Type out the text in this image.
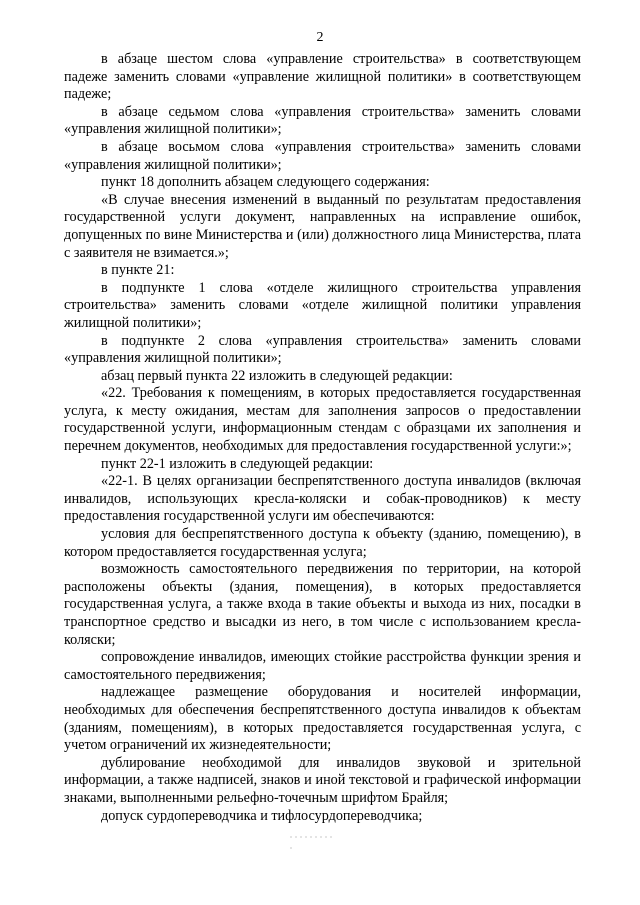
2

в абзаце шестом слова «управление строительства» в соответствующем падеже заменить словами «управление жилищной политики» в соответствующем падеже;

в абзаце седьмом слова «управления строительства» заменить словами «управления жилищной политики»;

в абзаце восьмом слова «управления строительства» заменить словами «управления жилищной политики»;

пункт 18 дополнить абзацем следующего содержания:

«В случае внесения изменений в выданный по результатам предоставления государственной услуги документ, направленных на исправление ошибок, допущенных по вине Министерства и (или) должностного лица Министерства, плата с заявителя не взимается.»;

в пункте 21:

в подпункте 1 слова «отделе жилищного строительства управления строительства» заменить словами «отделе жилищной политики управления жилищной политики»;

в подпункте 2 слова «управления строительства» заменить словами «управления жилищной политики»;

абзац первый пункта 22 изложить в следующей редакции:

«22. Требования к помещениям, в которых предоставляется государственная услуга, к месту ожидания, местам для заполнения запросов о предоставлении государственной услуги, информационным стендам с образцами их заполнения и перечнем документов, необходимых для предоставления государственной услуги:»;

пункт 22-1 изложить в следующей редакции:

«22-1. В целях организации беспрепятственного доступа инвалидов (включая инвалидов, использующих кресла-коляски и собак-проводников) к месту предоставления государственной услуги им обеспечиваются:

условия для беспрепятственного доступа к объекту (зданию, помещению), в котором предоставляется государственная услуга;

возможность самостоятельного передвижения по территории, на которой расположены объекты (здания, помещения), в которых предоставляется государственная услуга, а также входа в такие объекты и выхода из них, посадки в транспортное средство и высадки из него, в том числе с использованием кресла-коляски;

сопровождение инвалидов, имеющих стойкие расстройства функции зрения и самостоятельного передвижения;

надлежащее размещение оборудования и носителей информации, необходимых для обеспечения беспрепятственного доступа инвалидов к объектам (зданиям, помещениям), в которых предоставляется государственная услуга, с учетом ограничений их жизнедеятельности;

дублирование необходимой для инвалидов звуковой и зрительной информации, а также надписей, знаков и иной текстовой и графической информации знаками, выполненными рельефно-точечным шрифтом Брайля;

допуск сурдопереводчика и тифлосурдопереводчика;
